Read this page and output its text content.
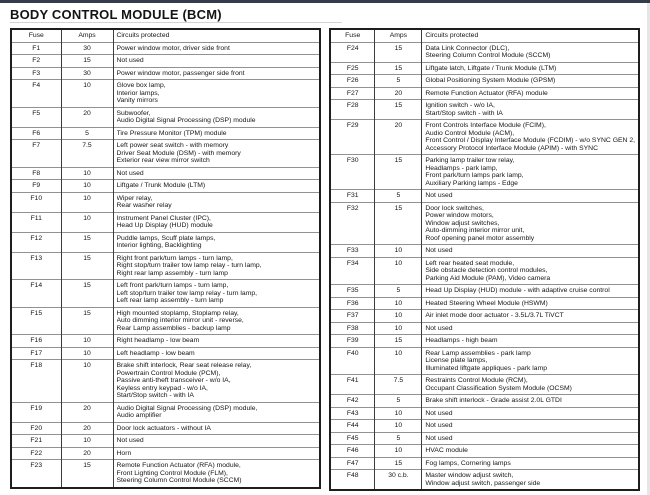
BODY CONTROL MODULE (BCM)
Fuse	Amps	Circuits protected
F1	30	Power window motor, driver side front

F2	15	Not used

F3	30	Power window motor, passenger side front

F4	10	Glove box lamp,
Interior lamps,
Vanity mirrors

F5	20	Subwoofer,
Audio Digital Signal Processing (DSP) module

F6	5	Tire Pressure Monitor (TPM) module

F7	7.5	Left power seat switch - with memory
Driver Seat Module (DSM) - with memory
Exterior rear view mirror switch

F8	10	Not used

F9	10	Liftgate / Trunk Module (LTM)

F10	10	Wiper relay,
Rear washer relay

F11	10	Instrument Panel Cluster (IPC),
Head Up Display (HUD) module

F12	15	Puddle lamps, Scuff plate lamps,
Interior lighting, Backlighting

F13	15	Right front park/turn lamps - turn lamp,
Right stop/turn trailer tow lamp relay - turn lamp,
Right rear lamp assembly - turn lamp

F14	15	Left front park/turn lamps - turn lamp,
Left stop/turn trailer tow lamp relay - turn lamp,
Left rear lamp assembly - turn lamp

F15	15	High mounted stoplamp, Stoplamp relay,
Auto dimming interior mirror unit - reverse,
Rear Lamp assemblies - backup lamp

F16	10	Right headlamp - low beam

F17	10	Left headlamp - low beam

F18	10	Brake shift interlock, Rear seat release relay,
Powertrain Control Module (PCM),
Passive anti-theft transceiver - w/o IA,
Keyless entry keypad - w/o IA,
Start/Stop switch - with IA

F19	20	Audio Digital Signal Processing (DSP) module,
Audio amplifier

F20	20	Door lock actuators - without IA

F21	10	Not used

F22	20	Horn

F23	15	Remote Function Actuator (RFA) module,
Front Lighting Control Module (FLM),
Steering Column Control Module (SCCM)
Fuse	Amps	Circuits protected
F24	15	Data Link Connector (DLC),
Steering Column Control Module (SCCM)

F25	15	Liftgate latch, Liftgate / Trunk Module (LTM)

F26	5	Global Positioning System Module (GPSM)

F27	20	Remote Function Actuator (RFA) module

F28	15	Ignition switch - w/o IA,
Start/Stop switch - with IA

F29	20	Front Controls Interface Module (FCIM),
Audio Control Module (ACM),
Front Control / Display Interface Module (FCDIM) - w/o SYNC GEN 2,
Accessory Protocol Interface Module (APIM) - with SYNC

F30	15	Parking lamp trailer tow relay,
Headlamps - park lamp,
Front park/turn lamps park lamp,
Auxiliary Parking lamps - Edge

F31	5	Not used

F32	15	Door lock switches,
Power window motors,
Window adjust switches,
Auto-dimming interior mirror unit,
Roof opening panel motor assembly

F33	10	Not used

F34	10	Left rear heated seat module,
Side obstacle detection control modules,
Parking Aid Module (PAM), Video camera

F35	5	Head Up Display (HUD) module - with adaptive cruise control

F36	10	Heated Steering Wheel Module (HSWM)

F37	10	Air inlet mode door actuator - 3.5L/3.7L TiVCT

F38	10	Not used

F39	15	Headlamps - high beam

F40	10	Rear Lamp assemblies - park lamp
License plate lamps,
Illuminated liftgate appliques - park lamp

F41	7.5	Restraints Control Module (RCM),
Occupant Classification System Module (OCSM)

F42	5	Brake shift interlock - Grade assist 2.0L GTDI

F43	10	Not used

F44	10	Not used

F45	5	Not used

F46	10	HVAC module

F47	15	Fog lamps, Cornering lamps

F48	30 c.b.	Master window adjust switch,
Window adjust switch, passenger side
